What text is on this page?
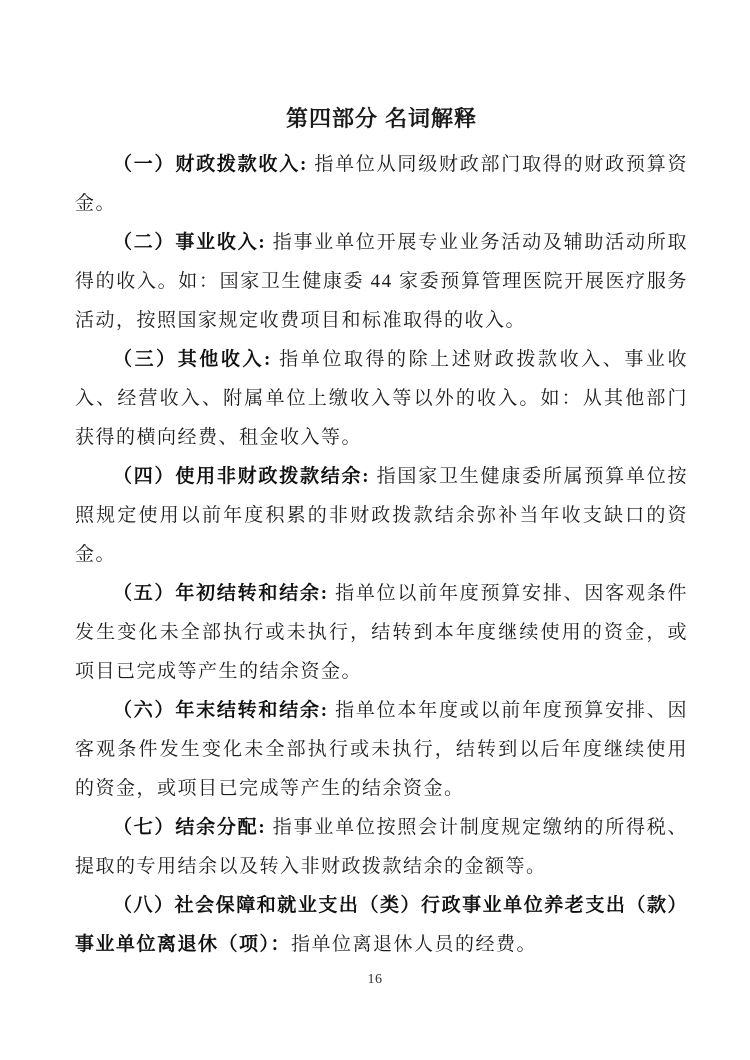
第四部分 名词解释

（一）财政拨款收入: 指单位从同级财政部门取得的财政预算资金。

（二）事业收入: 指事业单位开展专业业务活动及辅助活动所取得的收入。如：国家卫生健康委 44 家委预算管理医院开展医疗服务活动，按照国家规定收费项目和标准取得的收入。

（三）其他收入: 指单位取得的除上述财政拨款收入、事业收入、经营收入、附属单位上缴收入等以外的收入。如：从其他部门获得的横向经费、租金收入等。

（四）使用非财政拨款结余: 指国家卫生健康委所属预算单位按照规定使用以前年度积累的非财政拨款结余弥补当年收支缺口的资金。

（五）年初结转和结余: 指单位以前年度预算安排、因客观条件发生变化未全部执行或未执行，结转到本年度继续使用的资金，或项目已完成等产生的结余资金。

（六）年末结转和结余: 指单位本年度或以前年度预算安排、因客观条件发生变化未全部执行或未执行，结转到以后年度继续使用的资金，或项目已完成等产生的结余资金。

（七）结余分配: 指事业单位按照会计制度规定缴纳的所得税、提取的专用结余以及转入非财政拨款结余的金额等。

（八）社会保障和就业支出（类）行政事业单位养老支出（款）事业单位离退休（项）：指单位离退休人员的经费。

16
